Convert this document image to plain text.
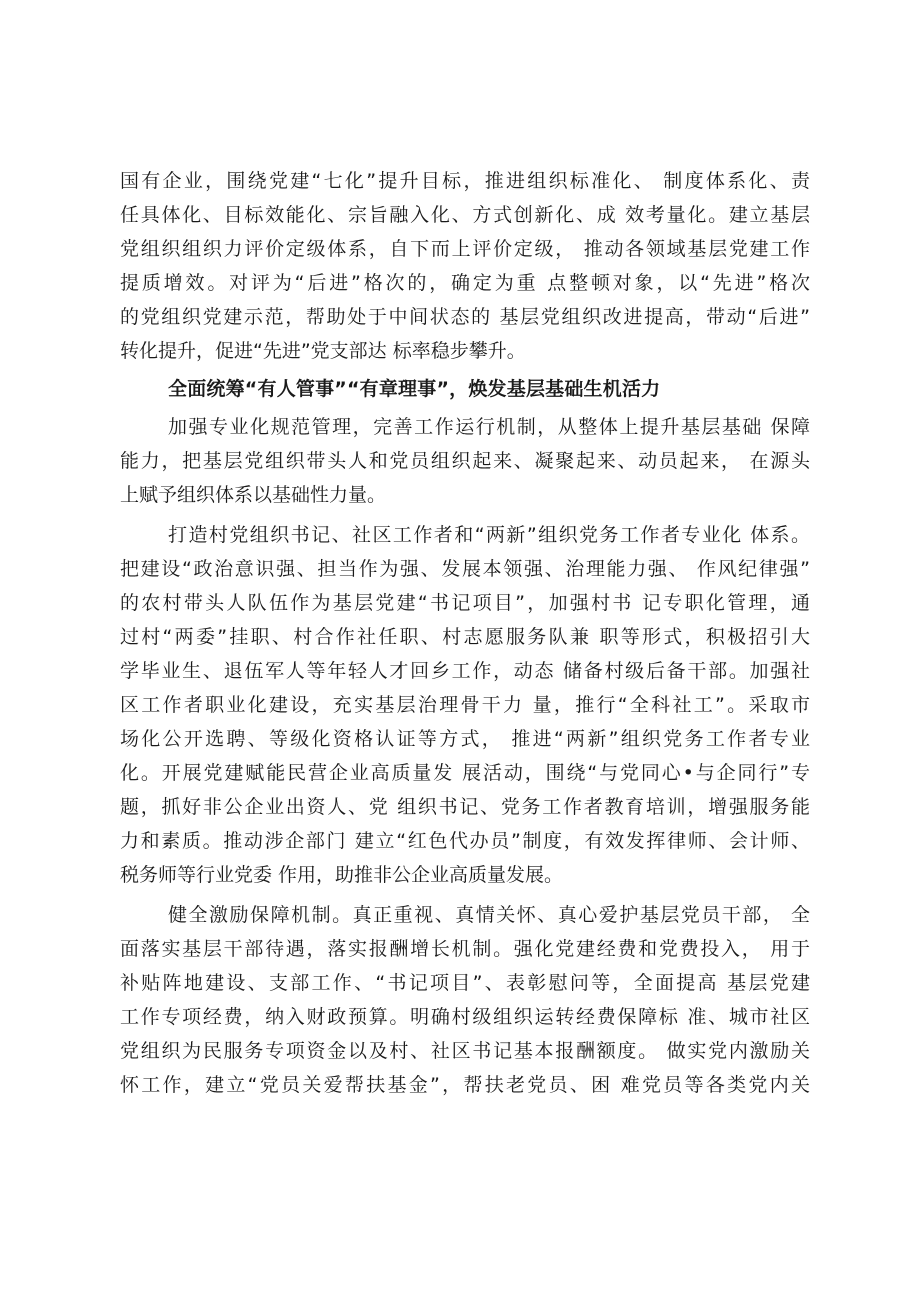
国有企业，围绕党建“七化”提升目标，推进组织标准化、 制度体系化、责
任具体化、目标效能化、宗旨融入化、方式创新化、成 效考量化。建立基层
党组织组织力评价定级体系，自下而上评价定级， 推动各领域基层党建工作
提质增效。对评为“后进”格次的，确定为重 点整顿对象，以“先进”格次
的党组织党建示范，帮助处于中间状态的 基层党组织改进提高，带动“后进”
转化提升，促进“先进”党支部达 标率稳步攀升。
全面统筹“有人管事”“有章理事”，焕发基层基础生机活力
加强专业化规范管理，完善工作运行机制，从整体上提升基层基础 保障
能力，把基层党组织带头人和党员组织起来、凝聚起来、动员起来， 在源头
上赋予组织体系以基础性力量。
打造村党组织书记、社区工作者和“两新”组织党务工作者专业化 体系。
把建设“政治意识强、担当作为强、发展本领强、治理能力强、 作风纪律强”
的农村带头人队伍作为基层党建“书记项目”，加强村书 记专职化管理，通
过村“两委”挂职、村合作社任职、村志愿服务队兼 职等形式，积极招引大
学毕业生、退伍军人等年轻人才回乡工作，动态 储备村级后备干部。加强社
区工作者职业化建设，充实基层治理骨干力 量，推行“全科社工”。采取市
场化公开选聘、等级化资格认证等方式， 推进“两新”组织党务工作者专业
化。开展党建赋能民营企业高质量发 展活动，围绕“与党同心•与企同行”专
题，抓好非公企业出资人、党 组织书记、党务工作者教育培训，增强服务能
力和素质。推动涉企部门 建立“红色代办员”制度，有效发挥律师、会计师、
税务师等行业党委 作用，助推非公企业高质量发展。
健全激励保障机制。真正重视、真情关怀、真心爱护基层党员干部， 全
面落实基层干部待遇，落实报酬增长机制。强化党建经费和党费投入， 用于
补贴阵地建设、支部工作、“书记项目”、表彰慰问等，全面提高 基层党建
工作专项经费，纳入财政预算。明确村级组织运转经费保障标 准、城市社区
党组织为民服务专项资金以及村、社区书记基本报酬额度。 做实党内激励关
怀工作，建立“党员关爱帮扶基金”，帮扶老党员、困 难党员等各类党内关
